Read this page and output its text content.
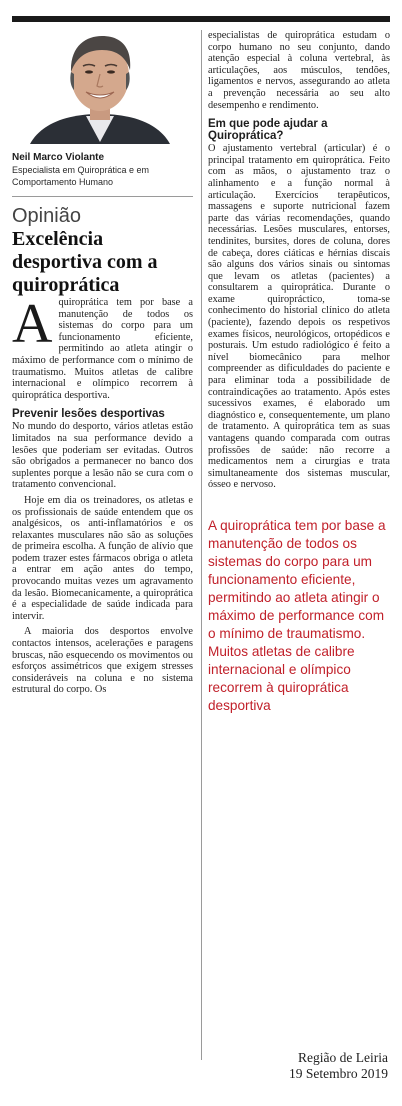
Neil Marco Violante
Especialista em Quiroprática e em Comportamento Humano
Opinião
Excelência desportiva com a quiroprática
A quiroprática tem por base a manutenção de todos os sistemas do corpo para um funcionamento eficiente, permitindo ao atleta atingir o máximo de performance com o mínimo de traumatismo. Muitos atletas de calibre internacional e olímpico recorrem à quiroprática desportiva.

Prevenir lesões desportivas

No mundo do desporto, vários atletas estão limitados na sua performance devido a lesões que poderiam ser evitadas. Outros são obrigados a permanecer no banco dos suplentes porque a lesão não se cura com o tratamento convencional.

Hoje em dia os treinadores, os atletas e os profissionais de saúde entendem que os analgésicos, os anti-inflamatórios e os relaxantes musculares não são as soluções de primeira escolha. A função de alívio que podem trazer estes fármacos obriga o atleta a entrar em ação antes do tempo, provocando muitas vezes um agravamento da lesão. Biomecanicamente, a quiroprática é a especialidade de saúde indicada para intervir.

A maioria dos desportos envolve contactos intensos, acelerações e paragens bruscas, não esquecendo os movimentos ou esforços assimétricos que exigem stresses consideráveis na coluna e no sistema estrutural do corpo. Os

especialistas de quiroprática estudam o corpo humano no seu conjunto, dando atenção especial à coluna vertebral, às articulações, aos músculos, tendões, ligamentos e nervos, assegurando ao atleta a prevenção necessária ao seu alto desempenho e rendimento.

Em que pode ajudar a Quiroprática?

O ajustamento vertebral (articular) é o principal tratamento em quiroprática. Feito com as mãos, o ajustamento traz o alinhamento e a função normal à articulação. Exercícios terapêuticos, massagens e suporte nutricional fazem parte das várias recomendações, quando necessárias. Lesões musculares, entorses, tendinites, bursites, dores de coluna, dores de cabeça, dores ciáticas e hérnias discais são alguns dos vários sinais ou sintomas que levam os atletas (pacientes) a consultarem a quiroprática. Durante o exame quiropráctico, toma-se conhecimento do historial clínico do atleta (paciente), fazendo depois os respetivos exames físicos, neurológicos, ortopédicos e posturais. Um estudo radiológico é feito a nível biomecânico para melhor compreender as dificuldades do paciente e para eliminar toda a possibilidade de contraindicações ao tratamento. Após estes sucessivos exames, é elaborado um diagnóstico e, consequentemente, um plano de tratamento. A quiroprática tem as suas vantagens quando comparada com outras profissões de saúde: não recorre a medicamentos nem a cirurgias e trata simultaneamente dos sistemas muscular, ósseo e nervoso.

A quiroprática tem por base a manutenção de todos os sistemas do corpo para um funcionamento eficiente, permitindo ao atleta atingir o máximo de performance com o mínimo de traumatismo. Muitos atletas de calibre internacional e olímpico recorrem à quiroprática desportiva
Região de Leiria
19 Setembro 2019
